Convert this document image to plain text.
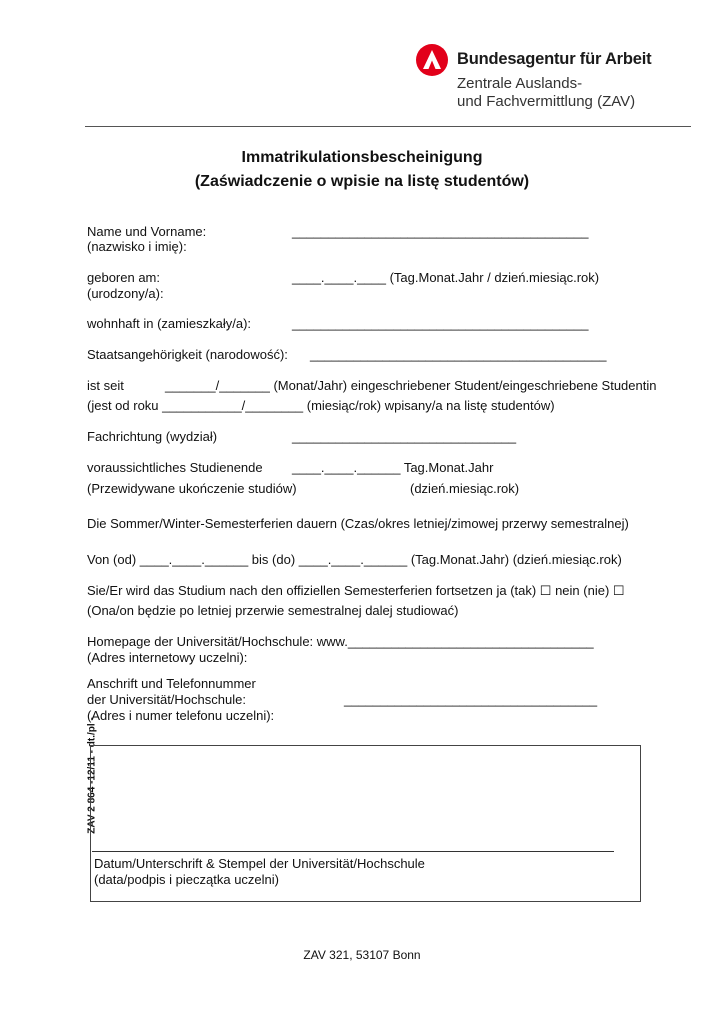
Bundesagentur für Arbeit
Zentrale Auslands-
und Fachvermittlung (ZAV)
Immatrikulationsbescheinigung
(Zaświadczenie o wpisie na listę studentów)
Name und Vorname:
(nazwisko i imię):
_________________________________________
geboren am:
(urodzony/a):
____.____.____ (Tag.Monat.Jahr / dzień.miesiąc.rok)
wohnhaft in (zamieszkały/a):	_________________________________________
Staatsangehörigkeit (narodowość): _________________________________________
ist seit	_______/_______ (Monat/Jahr) eingeschriebener Student/eingeschriebene Studentin
(jest od roku ___________/________ (miesiąc/rok) wpisany/a na listę studentów)
Fachrichtung (wydział)	_______________________________
voraussichtliches Studienende ____.____.______ Tag.Monat.Jahr
(Przewidywane ukończenie studiów)	(dzień.miesiąc.rok)
Die Sommer/Winter-Semesterferien dauern (Czas/okres letniej/zimowej przerwy semestralnej)
Von (od) ____.____.______ bis (do) ____.____.______ (Tag.Monat.Jahr) (dzień.miesiąc.rok)
Sie/Er wird das Studium nach den offiziellen Semesterferien fortsetzen ja (tak) ☐ nein (nie) ☐
(Ona/on będzie po letniej przerwie semestralnej dalej studiować)
Homepage der Universität/Hochschule: www.__________________________________
(Adres internetowy uczelni):
Anschrift und Telefonnummer
der Universität/Hochschule:	___________________________________
(Adres i numer telefonu uczelni):
ZAV 2 864 -12/11 - dt./pl -
Datum/Unterschrift & Stempel der Universität/Hochschule
(data/podpis i pieczątka uczelni)
ZAV 321, 53107 Bonn
